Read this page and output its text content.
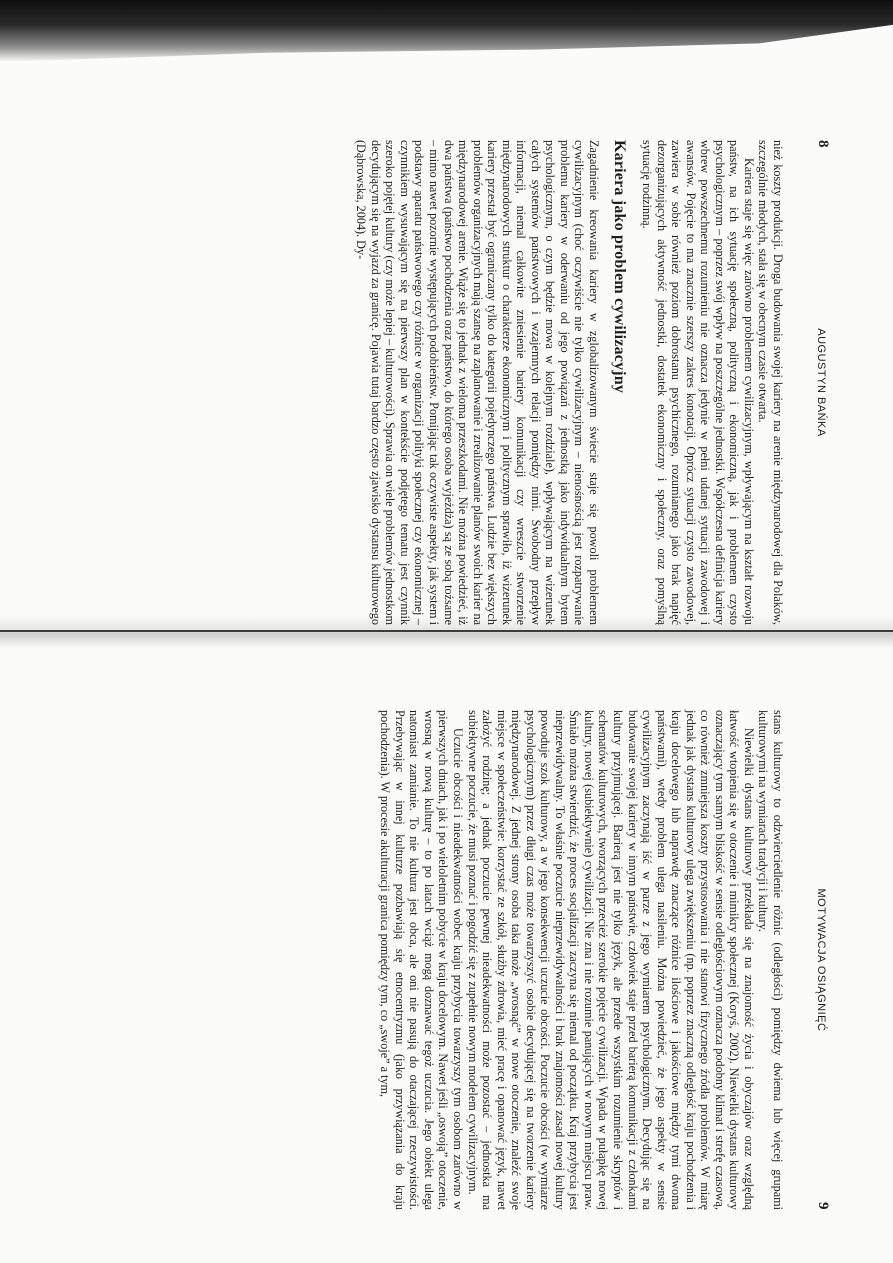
8
AUGUSTYN BAŃKA

nież koszty produkcji. Droga budowania swojej kariery na arenie międzynarodowej dla Polaków, szczególnie młodych, stała się w obecnym czasie otwarta.

Kariera staje się więc zarówno problemem cywilizacyjnym, wpływającym na kształt rozwoju państw, na ich sytuację społeczną, polityczną i ekonomiczną, jak i problemem czysto psychologicznym – poprzez swój wpływ na poszczególne jednostki. Współczesna definicja kariery wbrew powszechnemu rozumieniu nie oznacza jedynie w pełni udanej sytuacji zawodowej i awansów. Pojęcie to ma znacznie szerszy zakres konotacji. Oprócz sytuacji czysto zawodowej, zawiera w sobie również poziom dobrostanu psychicznego, rozumianego jako brak napięć dezorganizujących aktywność jednostki, dostatek ekonomiczny i społeczny, oraz pomyślną sytuację rodzinną.

Kariera jako problem cywilizacyjny

Zagadnienie kreowania kariery w zglobalizowanym świecie staje się powoli problemem cywilizacyjnym (choć oczywiście nie tylko cywilizacyjnym – nienośnością jest rozpatrywanie problemu kariery w oderwaniu od jego powiązań z jednostką jako indywidualnym bytem psychologicznym, o czym będzie mowa w kolejnym rozdziale), wpływającym na wizerunek całych systemów państwowych i wzajemnych relacji pomiędzy nimi. Swobodny przepływ informacji, niemal całkowite zniesienie bariery komunikacji czy wreszcie stworzenie międzynarodowych struktur o charakterze ekonomicznym i politycznym sprawiło, iż wizerunek kariery przestał być ograniczany tylko do kategorii pojedynczego państwa. Ludzie bez większych problemów organizacyjnych mają szansę na zaplanowanie i zrealizowanie planów swoich karier na międzynarodowej arenie. Wiąże się to jednak z wieloma przeszkodami. Nie można powiedzieć, iż dwa państwa (państwo pochodzenia oraz państwo, do którego osoba wyjeżdża) są ze sobą tożsame – mimo nawet pozornie występujących podobieństw. Pomijając tak oczywiste aspekty, jak system i podstawy aparatu państwowego czy różnice w organizacji polityki społecznej czy ekonomicznej – czynnikiem wysuwającym się na pierwszy plan w kontekście podjętego tematu jest czynnik szeroko pojętej kultury (czy może lepiej – kulturowości). Sprawia on wiele problemów jednostkom decydującym się na wyjazd za granicę. Pojawia tutaj bardzo często zjawisko dystansu kulturowego (Dąbrowska, 2004). Dy-

MOTYWACJA OSIĄGNIĘĆ
9

stans kulturowy to odzwierciedlenie różnic (odległości) pomiędzy dwiema lub więcej grupami kulturowymi na wymiarach tradycji i kultury.

Niewielki dystans kulturowy przekłada się na znajomość życia i obyczajów oraz względną łatwość wtopienia się w otoczenie i mimikry społecznej (Koryś, 2002). Niewielki dystans kulturowy oznaczający tym samym bliskość w sensie odległościowym oznacza podobny klimat i strefę czasową, co również zmniejsza koszty przystosowania i nie stanowi fizycznego źródła problemów. W miarę jednak jak dystans kulturowy ulega zwiększeniu (np. poprzez znaczną odległość kraju pochodzenia i kraju docelowego lub naprawdę znaczące różnice ilościowe i jakościowe między tymi dwoma państwami), wtedy problem ulega nasileniu. Można powiedzieć, że jego aspekty w sensie cywilizacyjnym zaczynają iść w parze z jego wymiarem psychologicznym. Decydując się na budowanie swojej kariery w innym państwie, człowiek staje przed barierą komunikacji z członkami kultury przyjmującej. Barierą jest nie tylko język, ale przede wszystkim rozumienie skryptów i schematów kulturowych, tworzących przecież szerokie pojęcie cywilizacji. Wpada w pułapkę nowej kultury, nowej (subiektywnie) cywilizacji. Nie zna i nie rozumie panujących w nowym miejscu praw. Śmiało można stwierdzić, że proces socjalizacji zaczyna się niemal od początku. Kraj przybycia jest nieprzewidywalny. To właśnie poczucie nieprzewidywalności i brak znajomości zasad nowej kultury powoduje szok kulturowy, a w jego konsekwencji uczucie obcości. Poczucie obcości (w wymiarze psychologicznym) przez długi czas może towarzyszyć osobie decydującej się na tworzenie kariery międzynarodowej. Z jednej strony osoba taka może „wrosnąć” w nowe otoczenie, znaleźć swoje miejsce w społeczeństwie: korzystać ze szkół, służby zdrowia, mieć pracę i opanować język, nawet założyć rodzinę; a jednak poczucie pewnej nieadekwatności może pozostać – jednostka ma subiektywne poczucie, że musi poznać i pogodzić się z zupełnie nowym modelem cywilizacyjnym.

Uczucie obcości i nieadekwatności wobec kraju przybycia towarzyszy tym osobom zarówno w pierwszych dniach, jak i po wieloletnim pobycie w kraju docelowym. Nawet jeśli „oswoją” otoczenie, wrosną w nową kulturę – to po latach wciąż mogą doznawać tegoż uczucia. Jego obiekt ulega natomiast zamianie. To nie kultura jest obca, ale oni nie pasują do otaczającej rzeczywistości. Przebywając w innej kulturze pozbawiają się etnocentryzmu (jako przywiązania do kraju pochodzenia). W procesie akulturacji granica pomiędzy tym, co „swoje” a tym,
